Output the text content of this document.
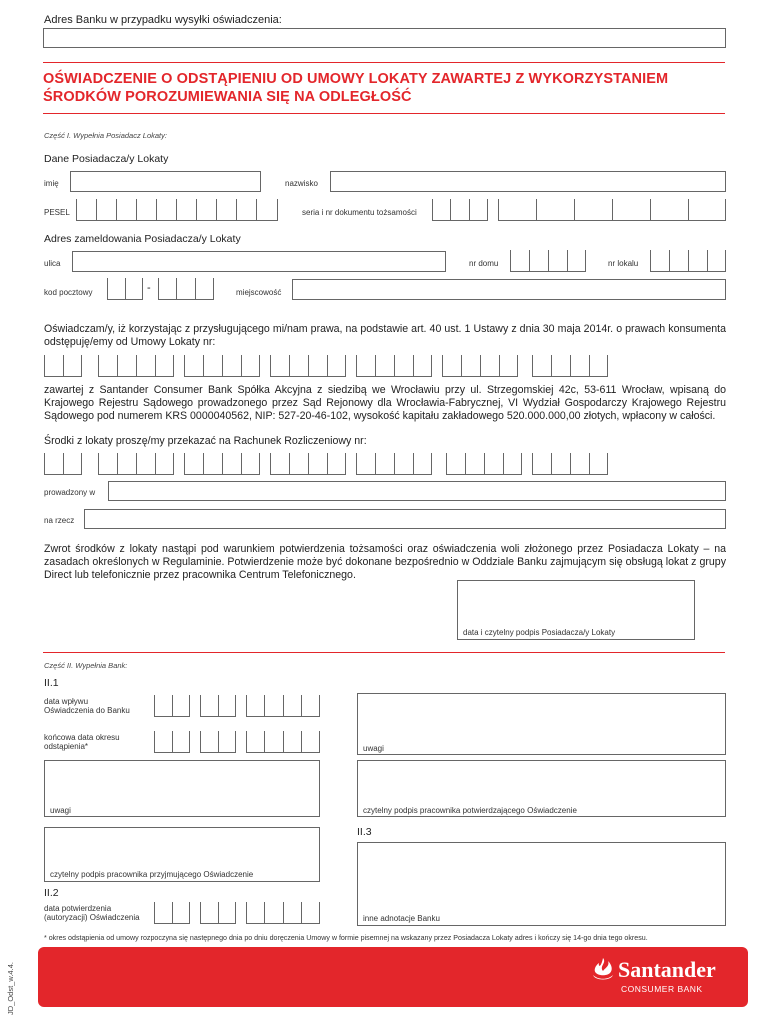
Adres Banku w przypadku wysyłki oświadczenia:
OŚWIADCZENIE O ODSTĄPIENIU OD UMOWY LOKATY ZAWARTEJ Z WYKORZYSTANIEM
ŚRODKÓW POROZUMIEWANIA SIĘ NA ODLEGŁOŚĆ
Część I. Wypełnia Posiadacz Lokaty:
Dane Posiadacza/y Lokaty
imię	nazwisko
PESEL	seria i nr dokumentu tożsamości
Adres zameldowania Posiadacza/y Lokaty
ulica	nr domu	nr lokalu
kod pocztowy	-	miejscowość
Oświadczam/y, iż korzystając z przysługującego mi/nam prawa, na podstawie art. 40 ust. 1 Ustawy z dnia 30 maja 2014r. o prawach konsumenta odstępuję/emy od Umowy Lokaty nr:
zawartej z Santander Consumer Bank Spółka Akcyjna z siedzibą we Wrocławiu przy ul. Strzegomskiej 42c, 53-611 Wrocław, wpisaną do Krajowego Rejestru Sądowego prowadzonego przez Sąd Rejonowy dla Wrocławia-Fabrycznej, VI Wydział Gospodarczy Krajowego Rejestru Sądowego pod numerem KRS 0000040562, NIP: 527-20-46-102, wysokość kapitału zakładowego 520.000.000,00 złotych, wpłacony w całości.
Środki z lokaty proszę/my przekazać na Rachunek Rozliczeniowy nr:
prowadzony w
na rzecz
Zwrot środków z lokaty nastąpi pod warunkiem potwierdzenia tożsamości oraz oświadczenia woli złożonego przez Posiadacza Lokaty – na zasadach określonych w Regulaminie. Potwierdzenie może być dokonane bezpośrednio w Oddziale Banku zajmującym się obsługą lokat z grupy Direct lub telefonicznie przez pracownika Centrum Telefonicznego.
data i czytelny podpis Posiadacza/y Lokaty
Część II. Wypełnia Bank:
II.1
data wpływu
Oświadczenia do Banku
końcowa data okresu
odstąpienia*	uwagi
czytelny podpis pracownika potwierdzającego Oświadczenie
II.3
inne adnotacje Banku
uwagi
czytelny podpis pracownika przyjmującego Oświadczenie
II.2
data potwierdzenia
(autoryzacji) Oświadczenia
* okres odstąpienia od umowy rozpoczyna się następnego dnia po dniu doręczenia Umowy w formie pisemnej na wskazany przez Posiadacza Lokaty adres i kończy się 14-go dnia tego okresu.
JD_Odst_w.4.4.	Santander
CONSUMER BANK
